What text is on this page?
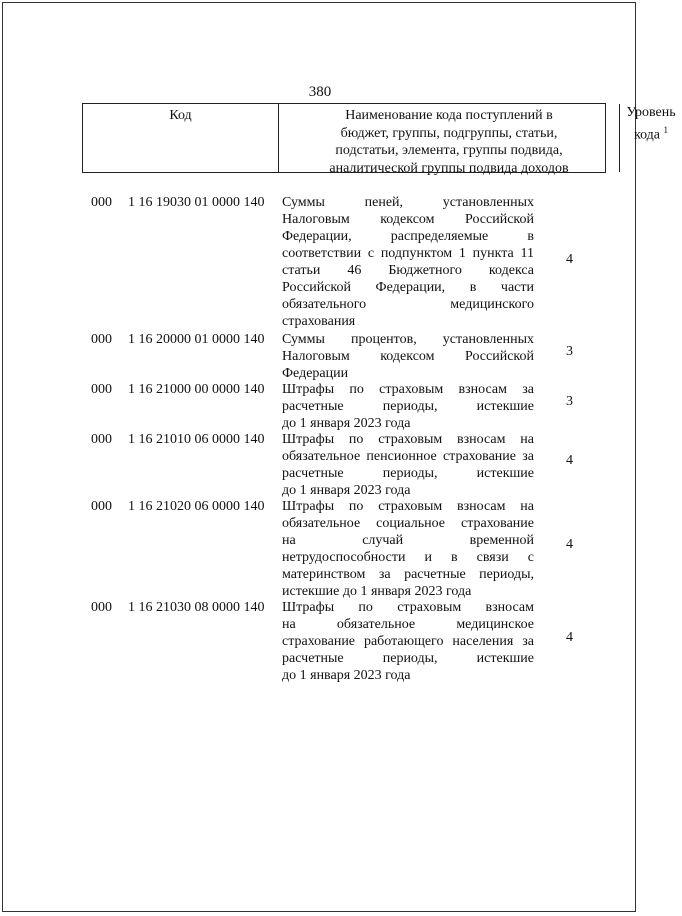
380
Код	Наименование кода поступлений в
бюджет, группы, подгруппы, статьи,
подстатьи, элемента, группы подвида,
аналитической группы подвида доходов
Уровень
кода $^1$
000 1 16 19030 01 0000 140 Суммы пеней, установленных
Налоговым кодексом Российской
Федерации, распределяемые в
соответствии с подпунктом 1 пункта 11
статьи 46 Бюджетного кодекса
Российской Федерации, в части
обязательного медицинского
страхования
4
000 1 16 20000 01 0000 140 Суммы процентов, установленных
Налоговым кодексом Российской
Федерации
3
000 1 16 21000 00 0000 140 Штрафы по страховым взносам за
расчетные периоды, истекшие
до 1 января 2023 года
3
000 1 16 21010 06 0000 140 Штрафы по страховым взносам на
обязательное пенсионное страхование за
расчетные периоды, истекшие
до 1 января 2023 года
4
000 1 16 21020 06 0000 140 Штрафы по страховым взносам на
обязательное социальное страхование
на случай временной
нетрудоспособности и в связи с
материнством за расчетные периоды,
истекшие до 1 января 2023 года
4
000 1 16 21030 08 0000 140 Штрафы по страховым взносам
на обязательное медицинское
страхование работающего населения за
расчетные периоды, истекшие
до 1 января 2023 года
4
